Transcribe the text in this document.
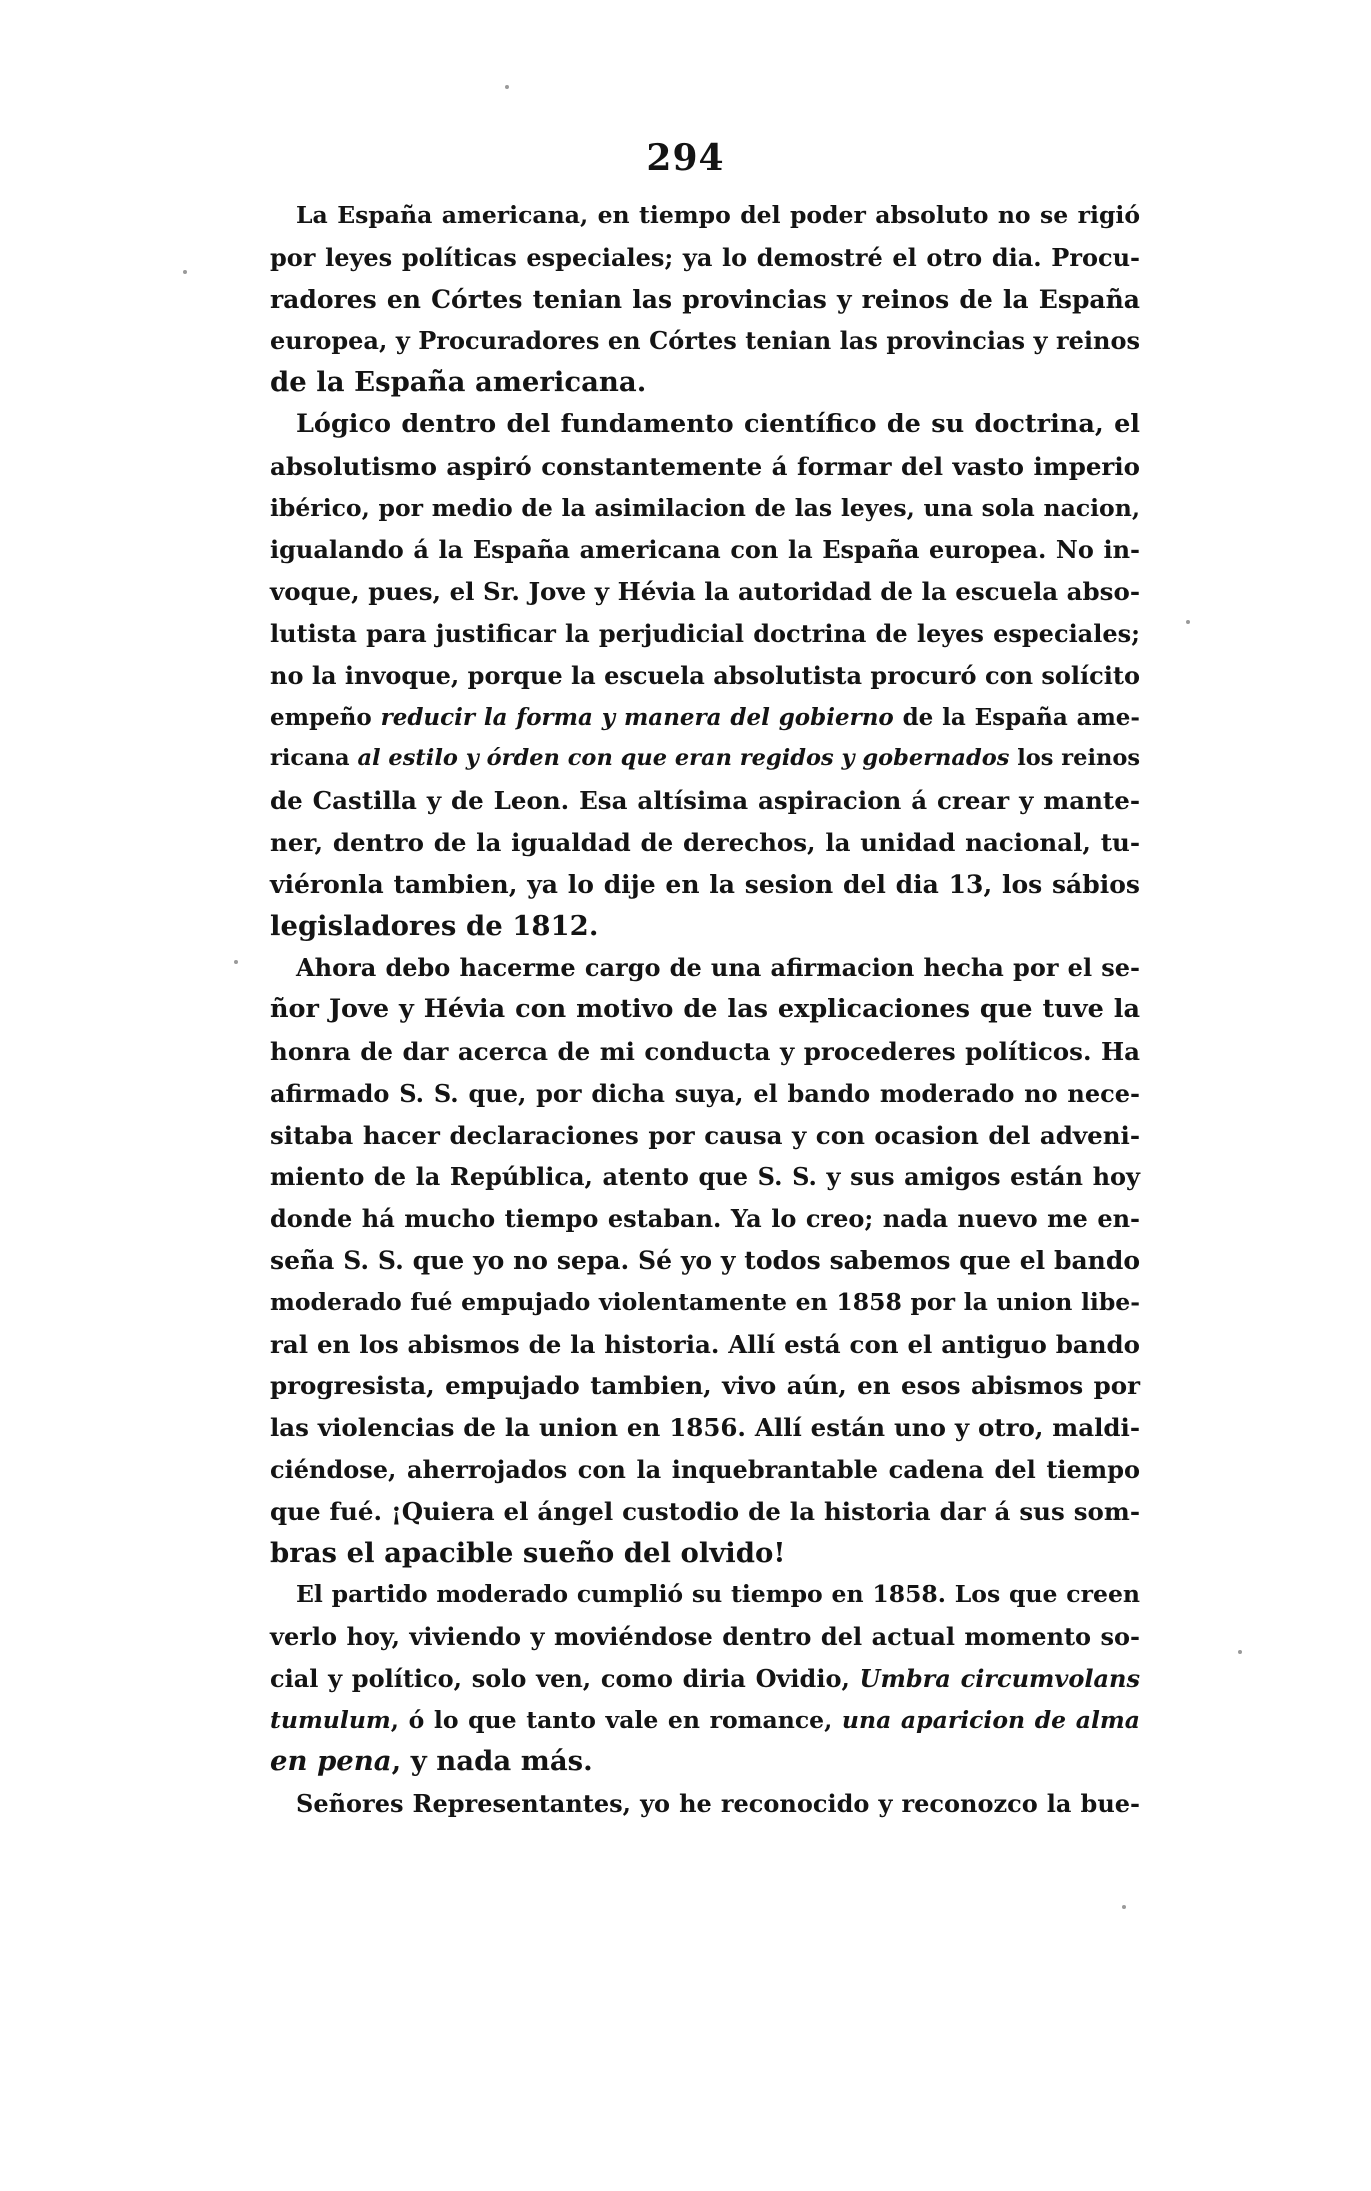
294
La España americana, en tiempo del poder absoluto no se rigió
por leyes políticas especiales; ya lo demostré el otro dia. Procu-
radores en Córtes tenian las provincias y reinos de la España
europea, y Procuradores en Córtes tenian las provincias y reinos
de la España americana.
Lógico dentro del fundamento científico de su doctrina, el
absolutismo aspiró constantemente á formar del vasto imperio
ibérico, por medio de la asimilacion de las leyes, una sola nacion,
igualando á la España americana con la España europea. No in-
voque, pues, el Sr. Jove y Hévia la autoridad de la escuela abso-
lutista para justificar la perjudicial doctrina de leyes especiales;
no la invoque, porque la escuela absolutista procuró con solícito
empeño reducir la forma y manera del gobierno de la España ame-
ricana al estilo y órden con que eran regidos y gobernados los reinos
de Castilla y de Leon. Esa altísima aspiracion á crear y mante-
ner, dentro de la igualdad de derechos, la unidad nacional, tu-
viéronla tambien, ya lo dije en la sesion del dia 13, los sábios
legisladores de 1812.
Ahora debo hacerme cargo de una afirmacion hecha por el se-
ñor Jove y Hévia con motivo de las explicaciones que tuve la
honra de dar acerca de mi conducta y procederes políticos. Ha
afirmado S. S. que, por dicha suya, el bando moderado no nece-
sitaba hacer declaraciones por causa y con ocasion del adveni-
miento de la República, atento que S. S. y sus amigos están hoy
donde há mucho tiempo estaban. Ya lo creo; nada nuevo me en-
seña S. S. que yo no sepa. Sé yo y todos sabemos que el bando
moderado fué empujado violentamente en 1858 por la union libe-
ral en los abismos de la historia. Allí está con el antiguo bando
progresista, empujado tambien, vivo aún, en esos abismos por
las violencias de la union en 1856. Allí están uno y otro, maldi-
ciéndose, aherrojados con la inquebrantable cadena del tiempo
que fué. ¡Quiera el ángel custodio de la historia dar á sus som-
bras el apacible sueño del olvido!
El partido moderado cumplió su tiempo en 1858. Los que creen
verlo hoy, viviendo y moviéndose dentro del actual momento so-
cial y político, solo ven, como diria Ovidio, Umbra circumvolans
tumulum, ó lo que tanto vale en romance, una aparicion de alma
en pena, y nada más.
Señores Representantes, yo he reconocido y reconozco la bue-
